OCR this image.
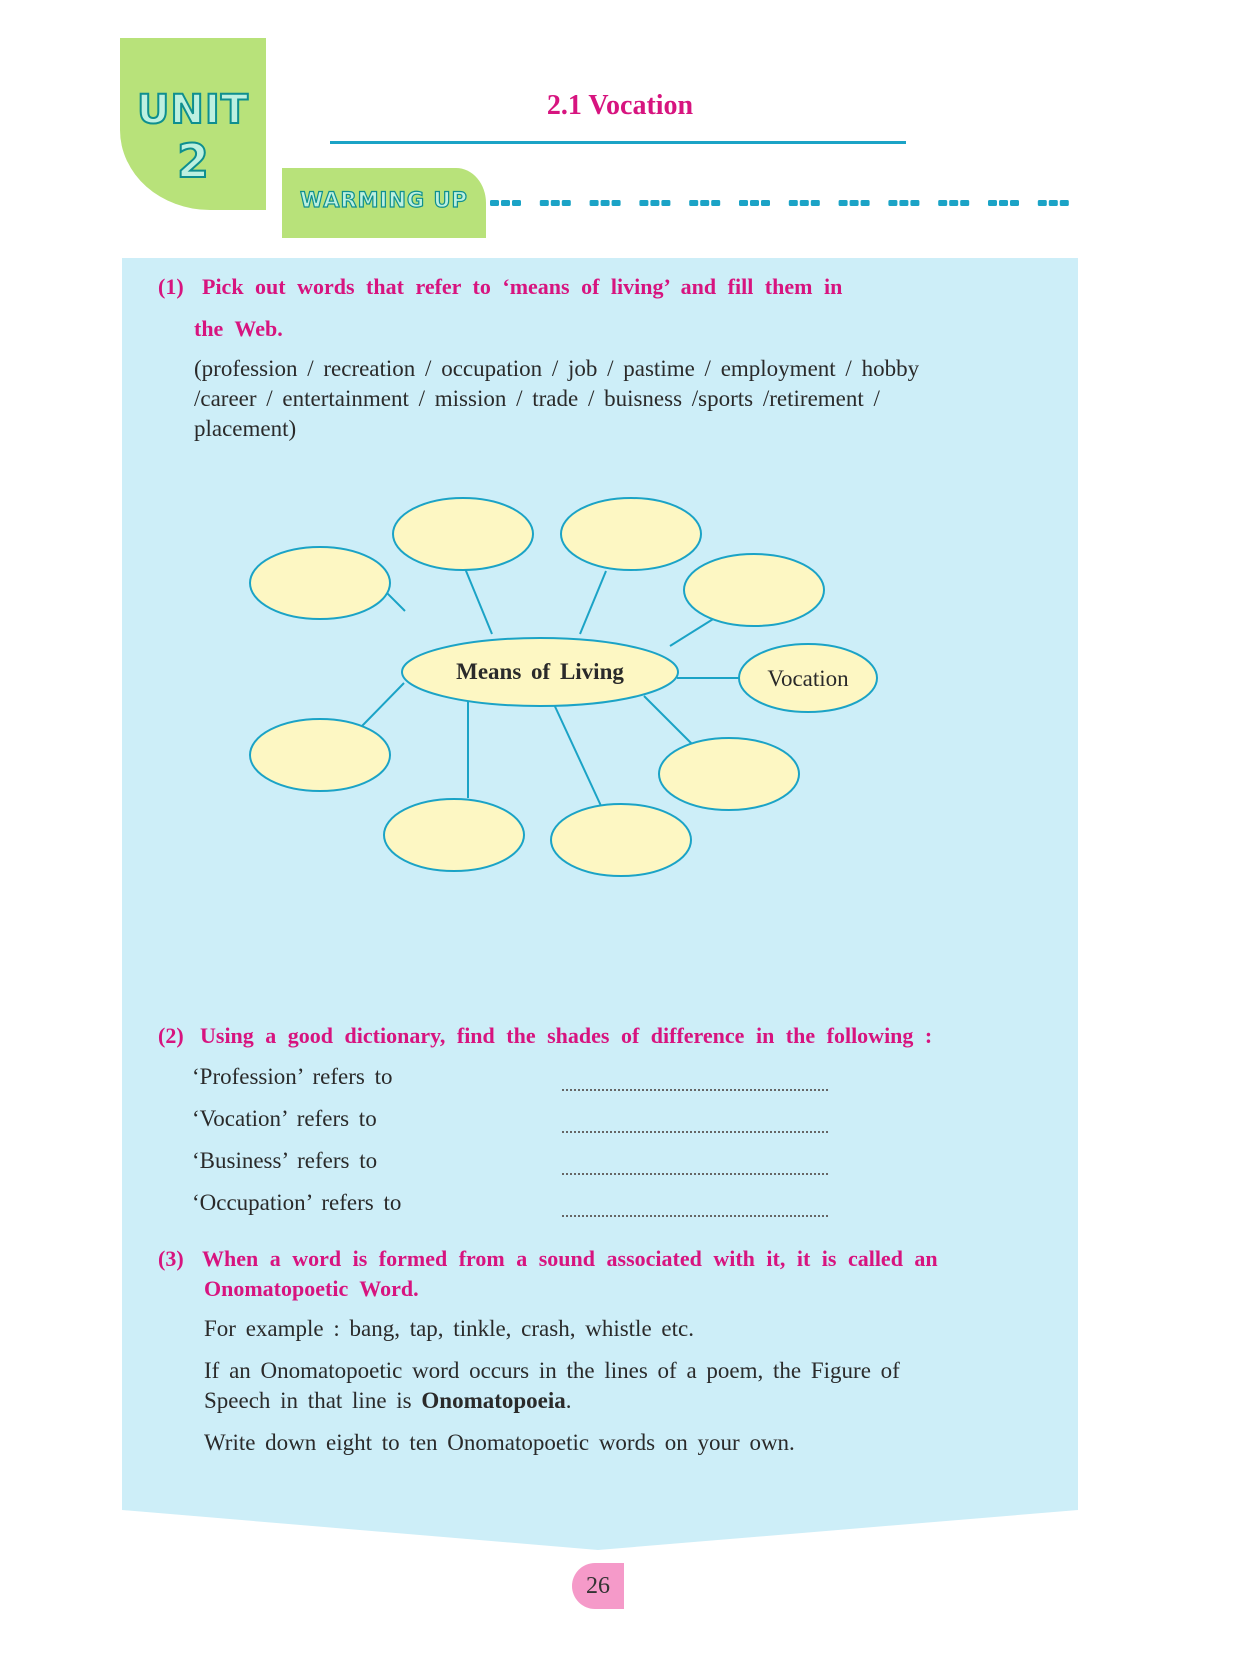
UNIT
2
2.1 Vocation
WARMING UP
(1) Pick out words that refer to ‘means of living’ and fill them in
the Web.
(profession / recreation / occupation / job / pastime / employment / hobby
/career / entertainment / mission / trade / buisness /sports /retirement /
placement)
Means of Living	Vocation
(2) Using a good dictionary, find the shades of difference in the following :
‘Profession’ refers to
‘Vocation’ refers to
‘Business’ refers to
‘Occupation’ refers to
(3) When a word is formed from a sound associated with it, it is called an
Onomatopoetic Word.
For example : bang, tap, tinkle, crash, whistle etc.
If an Onomatopoetic word occurs in the lines of a poem, the Figure of
Speech in that line is Onomatopoeia.
Write down eight to ten Onomatopoetic words on your own.
26
